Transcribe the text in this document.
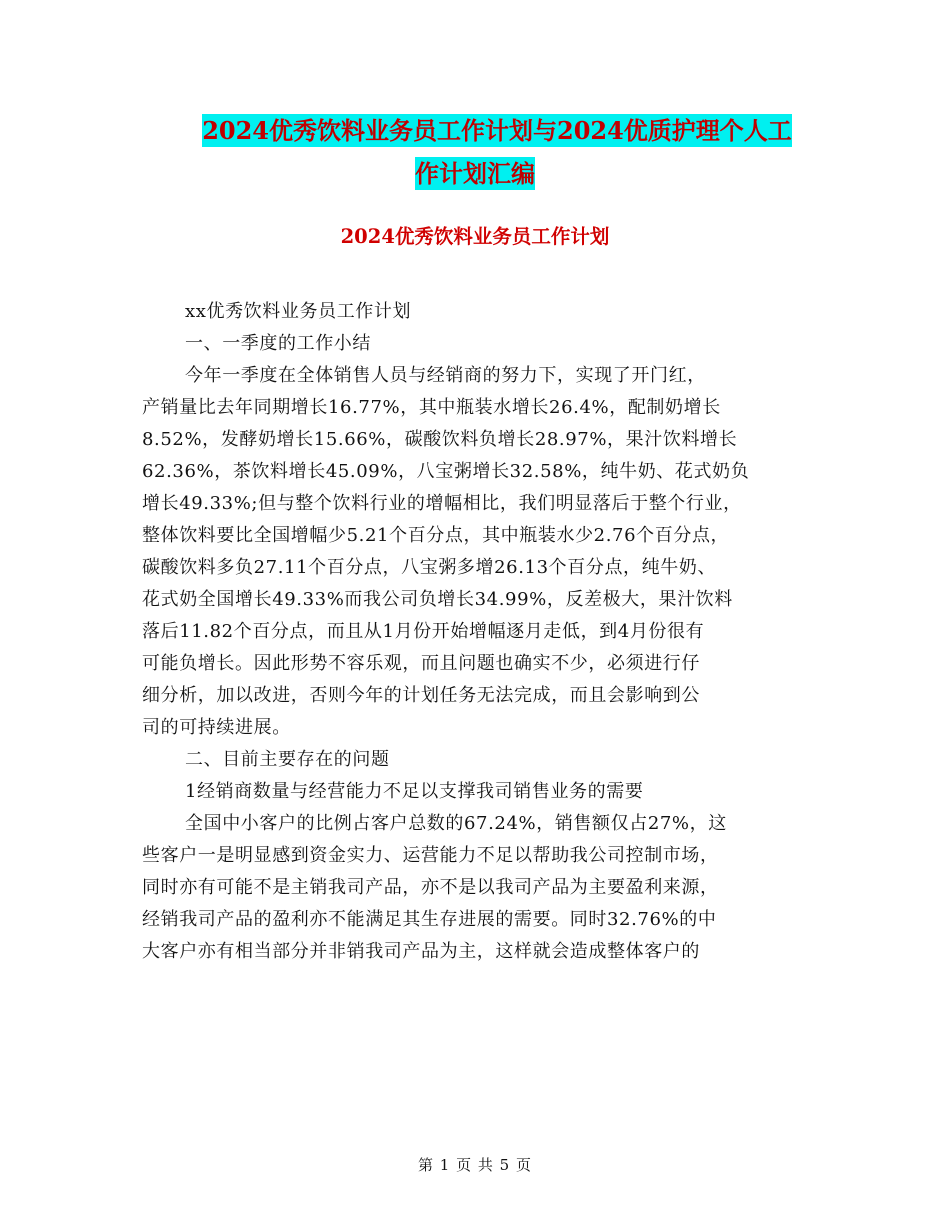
2024优秀饮料业务员工作计划与2024优质护理个人工
作计划汇编
2024优秀饮料业务员工作计划
xx优秀饮料业务员工作计划
一、一季度的工作小结
今年一季度在全体销售人员与经销商的努力下，实现了开门红，
产销量比去年同期增长16.77%，其中瓶装水增长26.4%，配制奶增长
8.52%，发酵奶增长15.66%，碳酸饮料负增长28.97%，果汁饮料增长
62.36%，茶饮料增长45.09%，八宝粥增长32.58%，纯牛奶、花式奶负
增长49.33%;但与整个饮料行业的增幅相比，我们明显落后于整个行业，
整体饮料要比全国增幅少5.21个百分点，其中瓶装水少2.76个百分点，
碳酸饮料多负27.11个百分点，八宝粥多增26.13个百分点，纯牛奶、
花式奶全国增长49.33%而我公司负增长34.99%，反差极大，果汁饮料
落后11.82个百分点，而且从1月份开始增幅逐月走低，到4月份很有
可能负增长。因此形势不容乐观，而且问题也确实不少，必须进行仔
细分析，加以改进，否则今年的计划任务无法完成，而且会影响到公
司的可持续进展。
二、目前主要存在的问题
1经销商数量与经营能力不足以支撑我司销售业务的需要
全国中小客户的比例占客户总数的67.24%，销售额仅占27%，这
些客户一是明显感到资金实力、运营能力不足以帮助我公司控制市场，
同时亦有可能不是主销我司产品，亦不是以我司产品为主要盈利来源，
经销我司产品的盈利亦不能满足其生存进展的需要。同时32.76%的中
大客户亦有相当部分并非销我司产品为主，这样就会造成整体客户的
第 1 页 共 5 页
